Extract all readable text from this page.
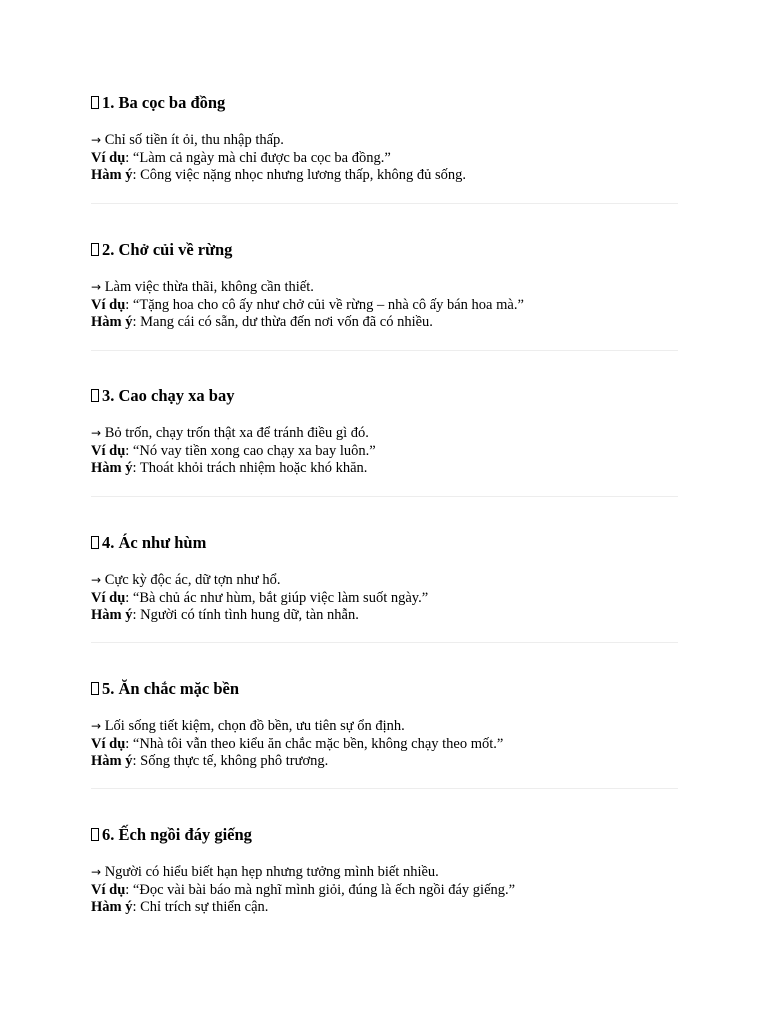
1. Ba cọc ba đồng
→ Chỉ số tiền ít ỏi, thu nhập thấp.
Ví dụ: “Làm cả ngày mà chỉ được ba cọc ba đồng.”
Hàm ý: Công việc nặng nhọc nhưng lương thấp, không đủ sống.
2. Chở củi về rừng
→ Làm việc thừa thãi, không cần thiết.
Ví dụ: “Tặng hoa cho cô ấy như chở củi về rừng – nhà cô ấy bán hoa mà.”
Hàm ý: Mang cái có sẵn, dư thừa đến nơi vốn đã có nhiều.
3. Cao chạy xa bay
→ Bỏ trốn, chạy trốn thật xa để tránh điều gì đó.
Ví dụ: “Nó vay tiền xong cao chạy xa bay luôn.”
Hàm ý: Thoát khỏi trách nhiệm hoặc khó khăn.
4. Ác như hùm
→ Cực kỳ độc ác, dữ tợn như hổ.
Ví dụ: “Bà chủ ác như hùm, bắt giúp việc làm suốt ngày.”
Hàm ý: Người có tính tình hung dữ, tàn nhẫn.
5. Ăn chắc mặc bền
→ Lối sống tiết kiệm, chọn đồ bền, ưu tiên sự ổn định.
Ví dụ: “Nhà tôi vẫn theo kiểu ăn chắc mặc bền, không chạy theo mốt.”
Hàm ý: Sống thực tế, không phô trương.
6. Ếch ngồi đáy giếng
→ Người có hiểu biết hạn hẹp nhưng tưởng mình biết nhiều.
Ví dụ: “Đọc vài bài báo mà nghĩ mình giỏi, đúng là ếch ngồi đáy giếng.”
Hàm ý: Chỉ trích sự thiển cận.
